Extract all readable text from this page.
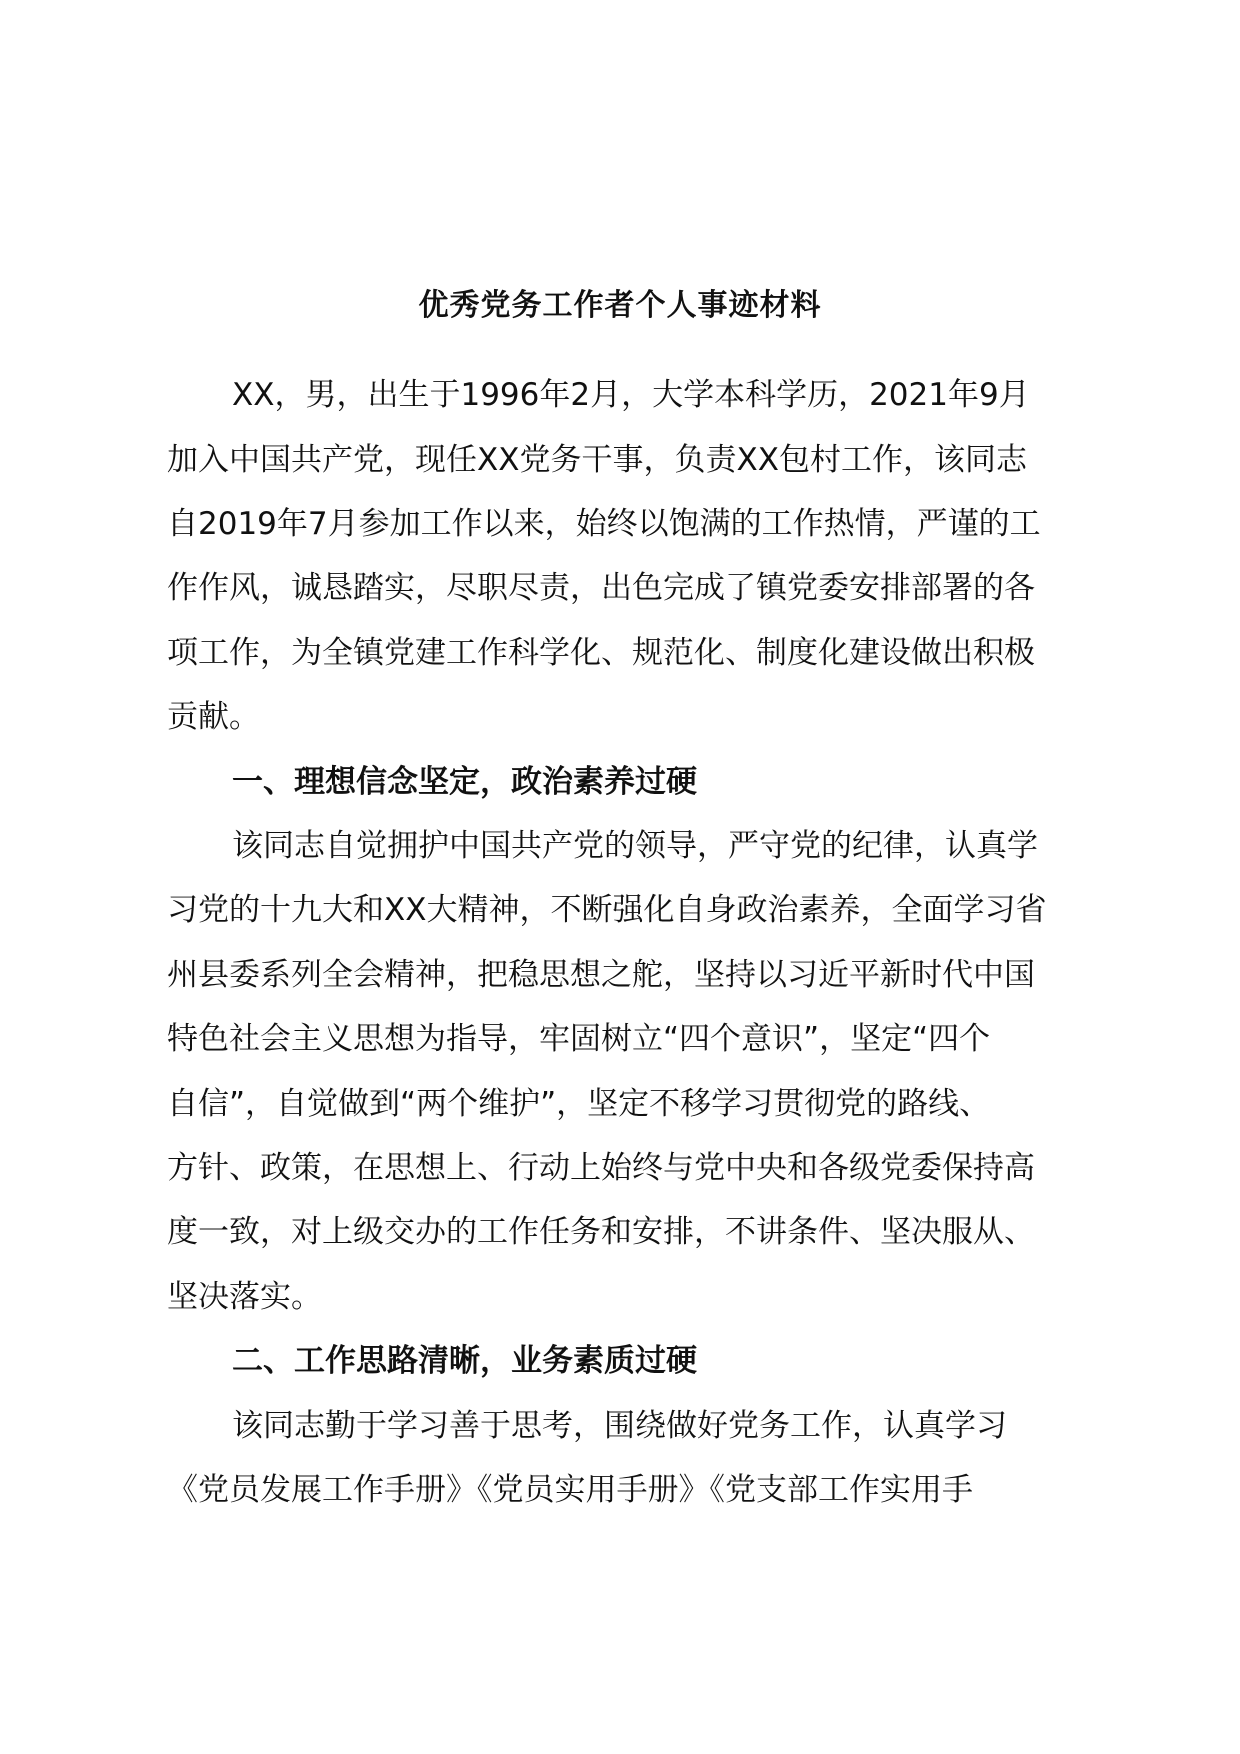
优秀党务工作者个人事迹材料
XX，男，出生于1996年2月，大学本科学历，2021年9月
加入中国共产党，现任XX党务干事，负责XX包村工作，该同志
自2019年7月参加工作以来，始终以饱满的工作热情，严谨的工
作作风，诚恳踏实，尽职尽责，出色完成了镇党委安排部署的各
项工作，为全镇党建工作科学化、规范化、制度化建设做出积极
贡献。
一、理想信念坚定，政治素养过硬
该同志自觉拥护中国共产党的领导，严守党的纪律，认真学
习党的十九大和XX大精神，不断强化自身政治素养，全面学习省
州县委系列全会精神，把稳思想之舵，坚持以习近平新时代中国
特色社会主义思想为指导，牢固树立“四个意识”，坚定“四个
自信”，自觉做到“两个维护”，坚定不移学习贯彻党的路线、
方针、政策，在思想上、行动上始终与党中央和各级党委保持高
度一致，对上级交办的工作任务和安排，不讲条件、坚决服从、
坚决落实。
二、工作思路清晰，业务素质过硬
该同志勤于学习善于思考，围绕做好党务工作，认真学习
《党员发展工作手册》《党员实用手册》《党支部工作实用手
